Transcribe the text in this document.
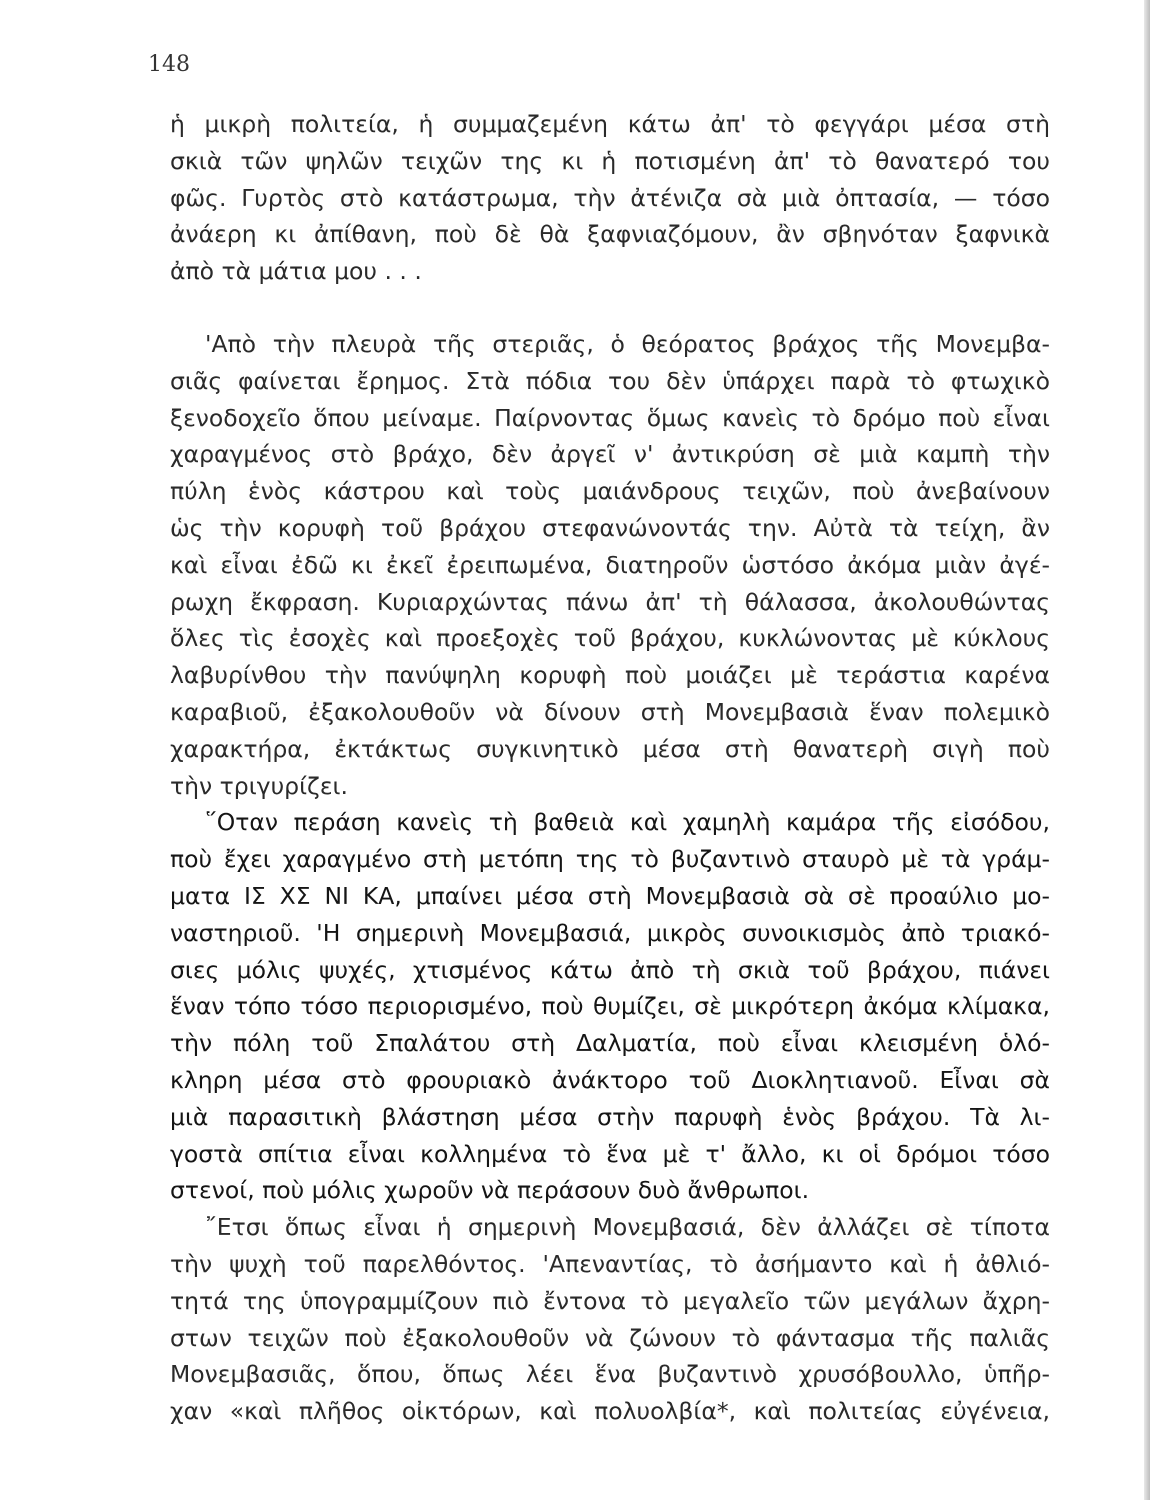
148
ἡ μικρὴ πολιτεία, ἡ συμμαζεμένη κάτω ἀπ' τὸ φεγγάρι μέσα στὴ
σκιὰ τῶν ψηλῶν τειχῶν της κι ἡ ποτισμένη ἀπ' τὸ θανατερό του
φῶς. Γυρτὸς στὸ κατάστρωμα, τὴν ἀτένιζα σὰ μιὰ ὀπτασία, — τόσο
ἀνάερη κι ἀπίθανη, ποὺ δὲ θὰ ξαφνιαζόμουν, ἂν σβηνόταν ξαφνικὰ
ἀπὸ τὰ μάτια μου . . .
'Απὸ τὴν πλευρὰ τῆς στεριᾶς, ὁ θεόρατος βράχος τῆς Μονεμβα-
σιᾶς φαίνεται ἔρημος. Στὰ πόδια του δὲν ὑπάρχει παρὰ τὸ φτωχικὸ
ξενοδοχεῖο ὅπου μείναμε. Παίρνοντας ὅμως κανεὶς τὸ δρόμο ποὺ εἶναι
χαραγμένος στὸ βράχο, δὲν ἀργεῖ ν' ἀντικρύση σὲ μιὰ καμπὴ τὴν
πύλη ἑνὸς κάστρου καὶ τοὺς μαιάνδρους τειχῶν, ποὺ ἀνεβαίνουν
ὡς τὴν κορυφὴ τοῦ βράχου στεφανώνοντάς την. Αὐτὰ τὰ τείχη, ἂν
καὶ εἶναι ἐδῶ κι ἐκεῖ ἐρειπωμένα, διατηροῦν ὡστόσο ἀκόμα μιὰν ἀγέ-
ρωχη ἔκφραση. Κυριαρχώντας πάνω ἀπ' τὴ θάλασσα, ἀκολουθώντας
ὅλες τὶς ἐσοχὲς καὶ προεξοχὲς τοῦ βράχου, κυκλώνοντας μὲ κύκλους
λαβυρίνθου τὴν πανύψηλη κορυφὴ ποὺ μοιάζει μὲ τεράστια καρένα
καραβιοῦ, ἐξακολουθοῦν νὰ δίνουν στὴ Μονεμβασιὰ ἕναν πολεμικὸ
χαρακτήρα, ἐκτάκτως συγκινητικὸ μέσα στὴ θανατερὴ σιγὴ ποὺ
τὴν τριγυρίζει.
῞Οταν περάση κανεὶς τὴ βαθειὰ καὶ χαμηλὴ καμάρα τῆς εἰσόδου,
ποὺ ἔχει χαραγμένο στὴ μετόπη της τὸ βυζαντινὸ σταυρὸ μὲ τὰ γράμ-
ματα ΙΣ ΧΣ ΝΙ ΚΑ, μπαίνει μέσα στὴ Μονεμβασιὰ σὰ σὲ προαύλιο μο-
ναστηριοῦ. 'Η σημερινὴ Μονεμβασιά, μικρὸς συνοικισμὸς ἀπὸ τριακό-
σιες μόλις ψυχές, χτισμένος κάτω ἀπὸ τὴ σκιὰ τοῦ βράχου, πιάνει
ἕναν τόπο τόσο περιορισμένο, ποὺ θυμίζει, σὲ μικρότερη ἀκόμα κλίμακα,
τὴν πόλη τοῦ Σπαλάτου στὴ Δαλματία, ποὺ εἶναι κλεισμένη ὁλό-
κληρη μέσα στὸ φρουριακὸ ἀνάκτορο τοῦ Διοκλητιανοῦ. Εἶναι σὰ
μιὰ παρασιτικὴ βλάστηση μέσα στὴν παρυφὴ ἑνὸς βράχου. Τὰ λι-
γοστὰ σπίτια εἶναι κολλημένα τὸ ἕνα μὲ τ' ἄλλο, κι οἱ δρόμοι τόσο
στενοί, ποὺ μόλις χωροῦν νὰ περάσουν δυὸ ἄνθρωποι.
῎Ετσι ὅπως εἶναι ἡ σημερινὴ Μονεμβασιά, δὲν ἀλλάζει σὲ τίποτα
τὴν ψυχὴ τοῦ παρελθόντος. 'Απεναντίας, τὸ ἀσήμαντο καὶ ἡ ἀθλιό-
τητά της ὑπογραμμίζουν πιὸ ἔντονα τὸ μεγαλεῖο τῶν μεγάλων ἄχρη-
στων τειχῶν ποὺ ἐξακολουθοῦν νὰ ζώνουν τὸ φάντασμα τῆς παλιᾶς
Μονεμβασιᾶς, ὅπου, ὅπως λέει ἕνα βυζαντινὸ χρυσόβουλλο, ὑπῆρ-
χαν «καὶ πλῆθος οἰκτόρων, καὶ πολυολβία*, καὶ πολιτείας εὐγένεια,
